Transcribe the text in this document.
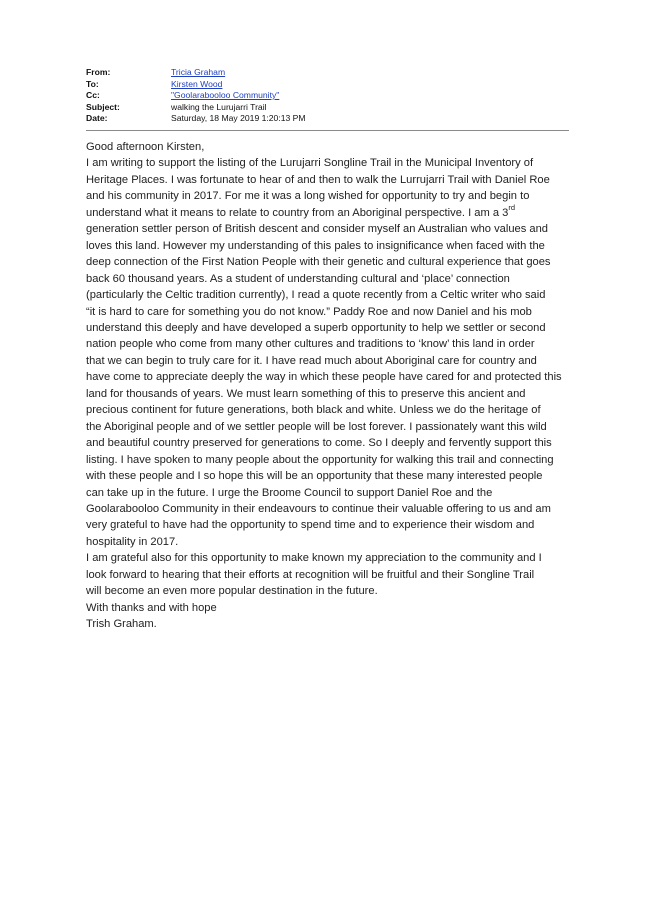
From:	Tricia Graham
To:	Kirsten Wood
Cc:	"Goolarabooloo Community"
Subject:	walking the Lurujarri Trail
Date:	Saturday, 18 May 2019 1:20:13 PM
Good afternoon Kirsten,
I am writing to support the listing of the Lurujarri Songline Trail in the Municipal Inventory of
Heritage Places. I was fortunate to hear of and then to walk the Lurrujarri Trail with Daniel Roe
and his community in 2017. For me it was a long wished for opportunity to try and begin to
understand what it means to relate to country from an Aboriginal perspective. I am a 3rd
generation settler person of British descent and consider myself an Australian who values and
loves this land. However my understanding of this pales to insignificance when faced with the
deep connection of the First Nation People with their genetic and cultural experience that goes
back 60 thousand years. As a student of understanding cultural and ‘place’ connection
(particularly the Celtic tradition currently), I read a quote recently from a Celtic writer who said
“it is hard to care for something you do not know.” Paddy Roe and now Daniel and his mob
understand this deeply and have developed a superb opportunity to help we settler or second
nation people who come from many other cultures and traditions to ‘know’ this land in order
that we can begin to truly care for it. I have read much about Aboriginal care for country and
have come to appreciate deeply the way in which these people have cared for and protected this
land for thousands of years. We must learn something of this to preserve this ancient and
precious continent for future generations, both black and white. Unless we do the heritage of
the Aboriginal people and of we settler people will be lost forever. I passionately want this wild
and beautiful country preserved for generations to come. So I deeply and fervently support this
listing. I have spoken to many people about the opportunity for walking this trail and connecting
with these people and I so hope this will be an opportunity that these many interested people
can take up in the future. I urge the Broome Council to support Daniel Roe and the
Goolarabooloo Community in their endeavours to continue their valuable offering to us and am
very grateful to have had the opportunity to spend time and to experience their wisdom and
hospitality in 2017.
I am grateful also for this opportunity to make known my appreciation to the community and I
look forward to hearing that their efforts at recognition will be fruitful and their Songline Trail
will become an even more popular destination in the future.
With thanks and with hope
Trish Graham.
